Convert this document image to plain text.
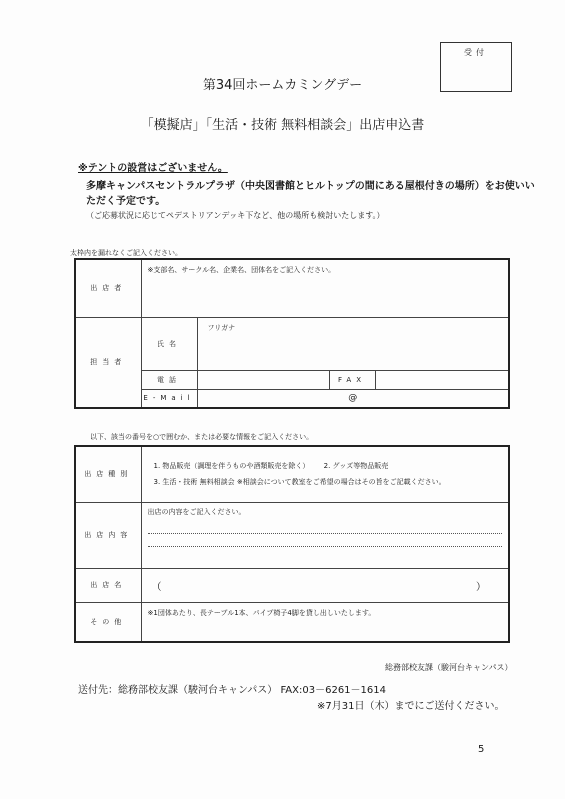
受付
第34回ホームカミングデー
「模擬店」「生活・技術 無料相談会」出店申込書
※テントの設営はございません。
多摩キャンパスセントラルプラザ（中央図書館とヒルトップの間にある屋根付きの場所）をお使いい
ただく予定です。
（ご応募状況に応じてペデストリアンデッキ下など、他の場所も検討いたします。）
太枠内を漏れなくご記入ください。
出店者	※支部名、サークル名、企業名、団体名をご記入ください。			
担当者	氏名	フリガナ		
	電話		FAX	
	E-Mail	@		
以下、該当の番号を○で囲むか、または必要な情報をご記入ください。
出店種別	1. 物品販売（調理を伴うものや酒類販売を除く） 2. グッズ等物品販売
3. 生活・技術 無料相談会 ※相談会について教室をご希望の場合はその旨をご記載ください。
出店内容	出店の内容をご記入ください。

出店名	（ ）

その他	※1団体あたり、長テーブル1本、パイプ椅子4脚を貸し出しいたします。
総務部校友課（駿河台キャンパス）
送付先：総務部校友課（駿河台キャンパス） FAX:03－6261－1614
※7月31日（木）までにご送付ください。
5
